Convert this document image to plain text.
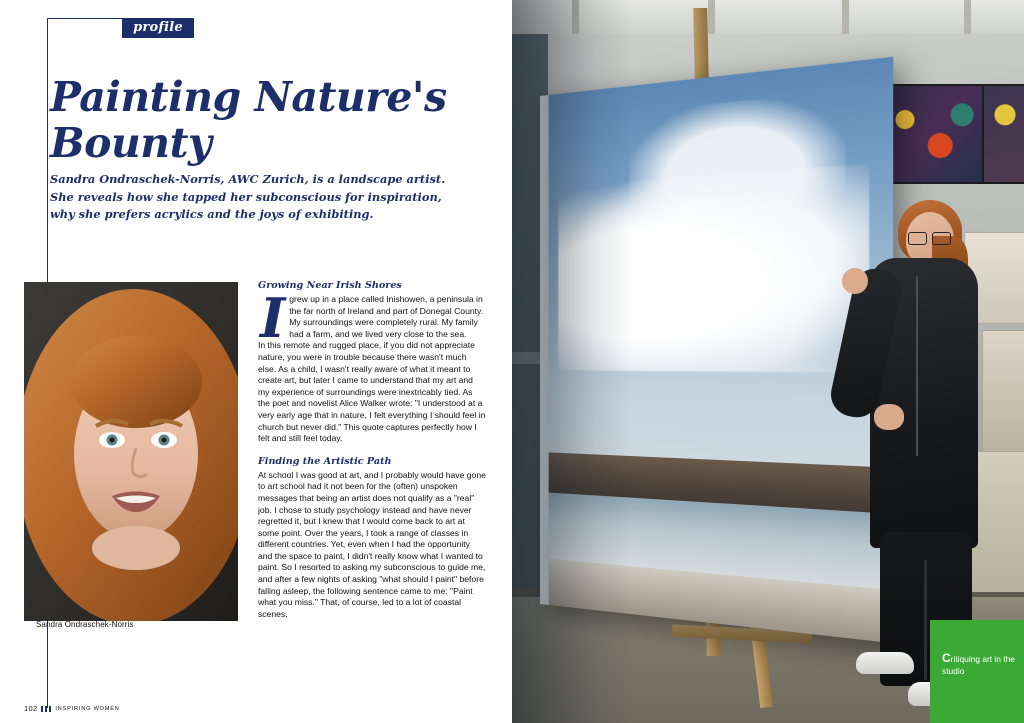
profile
Painting Nature's Bounty

Sandra Ondraschek-Norris, AWC Zurich, is a landscape artist. She reveals how she tapped her subconscious for inspiration, why she prefers acrylics and the joys of exhibiting.

Sandra Ondraschek-Norris
Growing Near Irish Shores

Igrew up in a place called Inishowen, a peninsula in the far north of Ireland and part of Donegal County. My surroundings were completely rural. My family had a farm, and we lived very close to the sea.

In this remote and rugged place, if you did not appreciate nature, you were in trouble because there wasn't much else. As a child, I wasn't really aware of what it meant to create art, but later I came to understand that my art and my experience of surroundings were inextricably tied. As the poet and novelist Alice Walker wrote: "I understood at a very early age that in nature, I felt everything I should feel in church but never did." This quote captures perfectly how I felt and still feel today.

Finding the Artistic Path

At school I was good at art, and I probably would have gone to art school had it not been for the (often) unspoken messages that being an artist does not qualify as a "real" job. I chose to study psychology instead and have never regretted it, but I knew that I would come back to art at some point. Over the years, I took a range of classes in different countries. Yet, even when I had the opportunity and the space to paint, I didn't really know what I wanted to paint. So I resorted to asking my subconscious to guide me, and after a few nights of asking "what should I paint" before falling asleep, the following sentence came to me: "Paint what you miss." That, of course, led to a lot of coastal scenes.

102	INSPIRING WOMEN
Critiquing art in the studio
